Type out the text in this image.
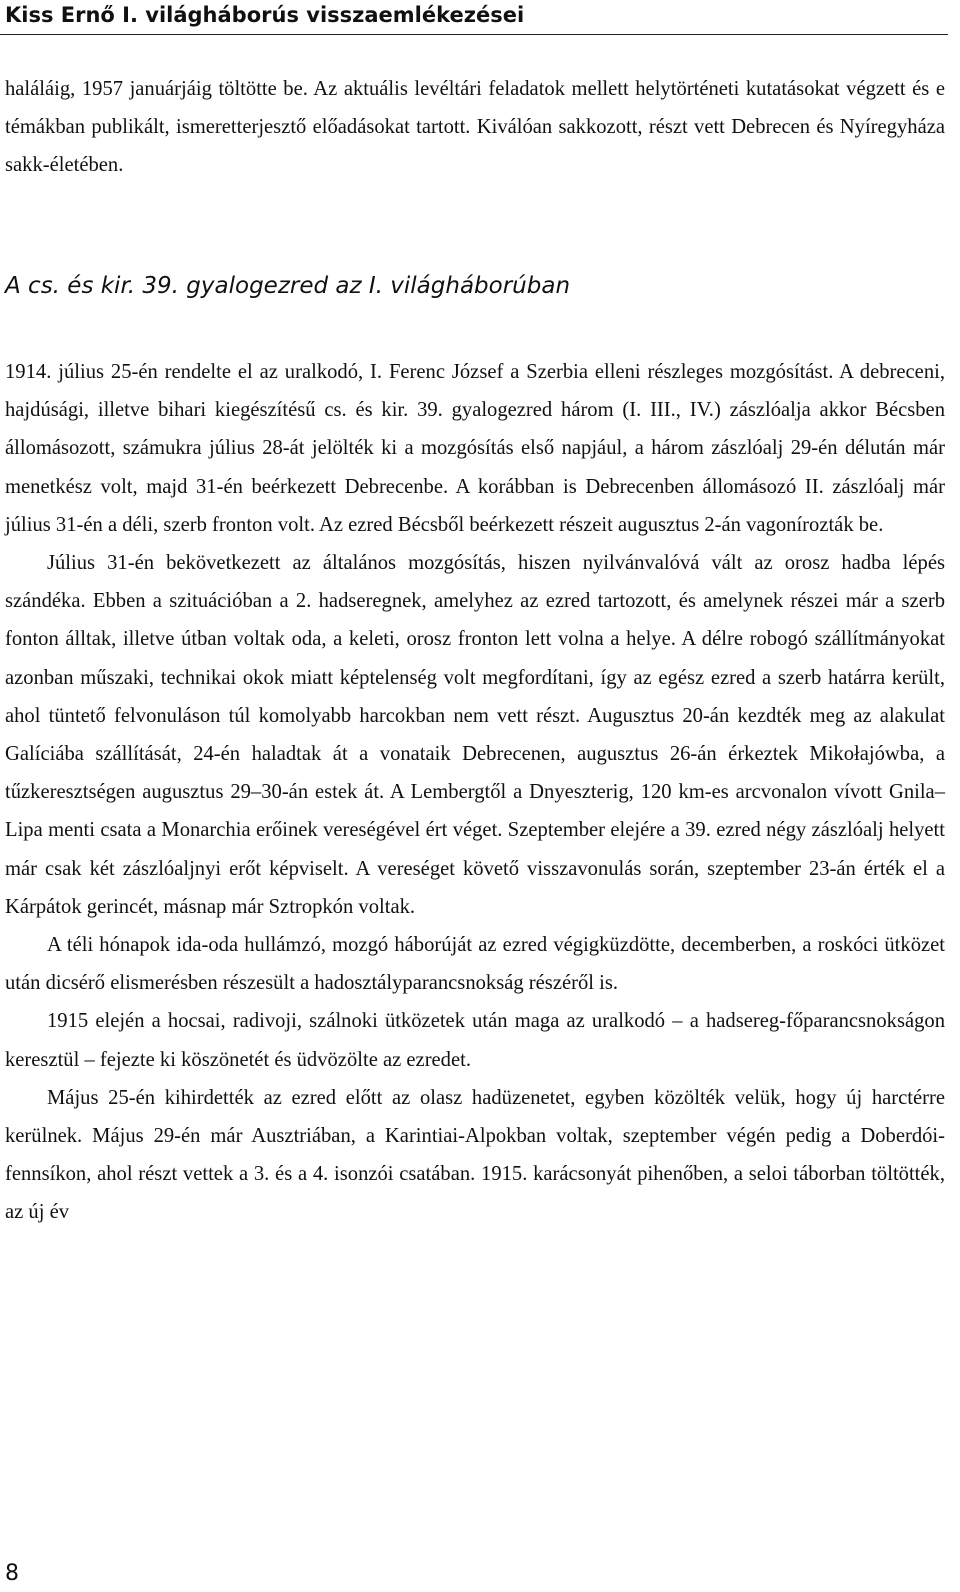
Kiss Ernő I. világháborús visszaemlékezései

haláláig, 1957 januárjáig töltötte be. Az aktuális levéltári feladatok mellett helytörténeti kutatásokat végzett és e témákban publikált, ismeretterjesztő előadásokat tartott. Kiválóan sakkozott, részt vett Debrecen és Nyíregyháza sakk-életében.

A cs. és kir. 39. gyalogezred az I. világháborúban

1914. július 25-én rendelte el az uralkodó, I. Ferenc József a Szerbia elleni részleges mozgósítást. A debreceni, hajdúsági, illetve bihari kiegészítésű cs. és kir. 39. gyalogezred három (I. III., IV.) zászlóalja akkor Bécsben állomásozott, számukra július 28-át jelölték ki a mozgósítás első napjául, a három zászlóalj 29-én délután már menetkész volt, majd 31-én beérkezett Debrecenbe. A korábban is Debrecenben állomásozó II. zászlóalj már július 31-én a déli, szerb fronton volt. Az ezred Bécsből beérkezett részeit augusztus 2-án vagonírozták be.

Július 31-én bekövetkezett az általános mozgósítás, hiszen nyilvánvalóvá vált az orosz hadba lépés szándéka. Ebben a szituációban a 2. hadseregnek, amelyhez az ezred tartozott, és amelynek részei már a szerb fonton álltak, illetve útban voltak oda, a keleti, orosz fronton lett volna a helye. A délre robogó szállítmányokat azonban műszaki, technikai okok miatt képtelenség volt megfordítani, így az egész ezred a szerb határra került, ahol tüntető felvonuláson túl komolyabb harcokban nem vett részt. Augusztus 20-án kezdték meg az alakulat Galíciába szállítását, 24-én haladtak át a vonataik Debrecenen, augusztus 26-án érkeztek Mikołajówba, a tűzkeresztségen augusztus 29–30-án estek át. A Lembergtől a Dnyeszterig, 120 km-es arcvonalon vívott Gnila–Lipa menti csata a Monarchia erőinek vereségével ért véget. Szeptember elejére a 39. ezred négy zászlóalj helyett már csak két zászlóaljnyi erőt képviselt. A vereséget követő visszavonulás során, szeptember 23-án érték el a Kárpátok gerincét, másnap már Sztropkón voltak.

A téli hónapok ida-oda hullámzó, mozgó háborúját az ezred végigküzdötte, decemberben, a roskóci ütközet után dicsérő elismerésben részesült a hadosztályparancsnokság részéről is.

1915 elején a hocsai, radivoji, szálnoki ütközetek után maga az uralkodó – a hadsereg-főparancsnokságon keresztül – fejezte ki köszönetét és üdvözölte az ezredet.

Május 25-én kihirdették az ezred előtt az olasz hadüzenetet, egyben közölték velük, hogy új harctérre kerülnek. Május 29-én már Ausztriában, a Karintiai-Alpokban voltak, szeptember végén pedig a Doberdói-fennsíkon, ahol részt vettek a 3. és a 4. isonzói csatában. 1915. karácsonyát pihenőben, a seloi táborban töltötték, az új év

8
